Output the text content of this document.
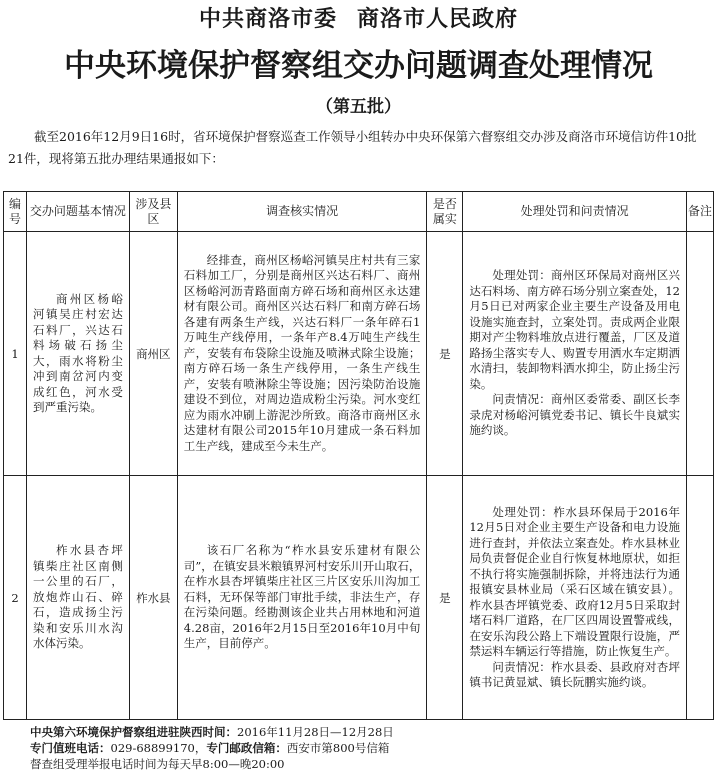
中共商洛市委 商洛市人民政府
中央环境保护督察组交办问题调查处理情况
（第五批）
截至2016年12月9日16时，省环境保护督察巡查工作领导小组转办中央环保第六督察组交办涉及商洛市环境信访件10批21件，现将第五批办理结果通报如下：
编号	交办问题基本情况	涉及县区	调查核实情况	是否属实	处理处罚和问责情况	备注
1	商州区杨峪河镇吴庄村宏达石料厂，兴达石料场破石扬尘大，雨水将粉尘冲到南岔河内变成红色，河水受到严重污染。	商州区	经排查，商州区杨峪河镇吴庄村共有三家石料加工厂，分别是商州区兴达石料厂、商州区杨峪河沥青路面南方碎石场和商州区永达建材有限公司。商州区兴达石料厂和南方碎石场各建有两条生产线，兴达石料厂一条年碎石1万吨生产线停用，一条年产8.4万吨生产线生产，安装有布袋除尘设施及喷淋式除尘设施；南方碎石场一条生产线停用，一条生产线生产，安装有喷淋除尘等设施；因污染防治设施建设不到位，对周边造成粉尘污染。河水变红应为雨水冲刷上游泥沙所致。商洛市商州区永达建材有限公司2015年10月建成一条石料加工生产线，建成至今未生产。	是	处理处罚：商州区环保局对商州区兴达石料场、南方碎石场分别立案查处，12月5日已对两家企业主要生产设备及用电设施实施查封，立案处罚。责成两企业限期对产尘物料堆放点进行覆盖，厂区及道路扬尘落实专人、购置专用洒水车定期洒水清扫，装卸物料洒水抑尘，防止扬尘污染。

问责情况：商州区委常委、副区长李录虎对杨峪河镇党委书记、镇长牛良斌实施约谈。	

2	柞水县杏坪镇柴庄社区南侧一公里的石厂，放炮炸山石、碎石，造成扬尘污染和安乐川水沟水体污染。	柞水县	该石厂名称为“柞水县安乐建材有限公司”，在镇安县米粮镇界河村安乐川开山取石，在柞水县杏坪镇柴庄社区三片区安乐川沟加工石料，无环保等部门审批手续，非法生产，存在污染问题。经勘测该企业共占用林地和河道4.28亩，2016年2月15日至2016年10月中旬生产，目前停产。	是	处理处罚：柞水县环保局于2016年12月5日对企业主要生产设备和电力设施进行查封，并依法立案查处。柞水县林业局负责督促企业自行恢复林地原状，如拒不执行将实施强制拆除，并将违法行为通报镇安县林业局（采石区域在镇安县）。柞水县杏坪镇党委、政府12月5日采取封堵石料厂道路，在厂区四周设置警戒线，在安乐沟段公路上下端设置限行设施，严禁运料车辆运行等措施，防止恢复生产。

问责情况：柞水县委、县政府对杏坪镇书记黄显斌、镇长阮鹏实施约谈。	

中央第六环境保护督察组进驻陕西时间：2016年11月28日—12月28日
专门值班电话：029-68899170，专门邮政信箱：西安市第800号信箱
督查组受理举报电话时间为每天早8:00—晚20:00
